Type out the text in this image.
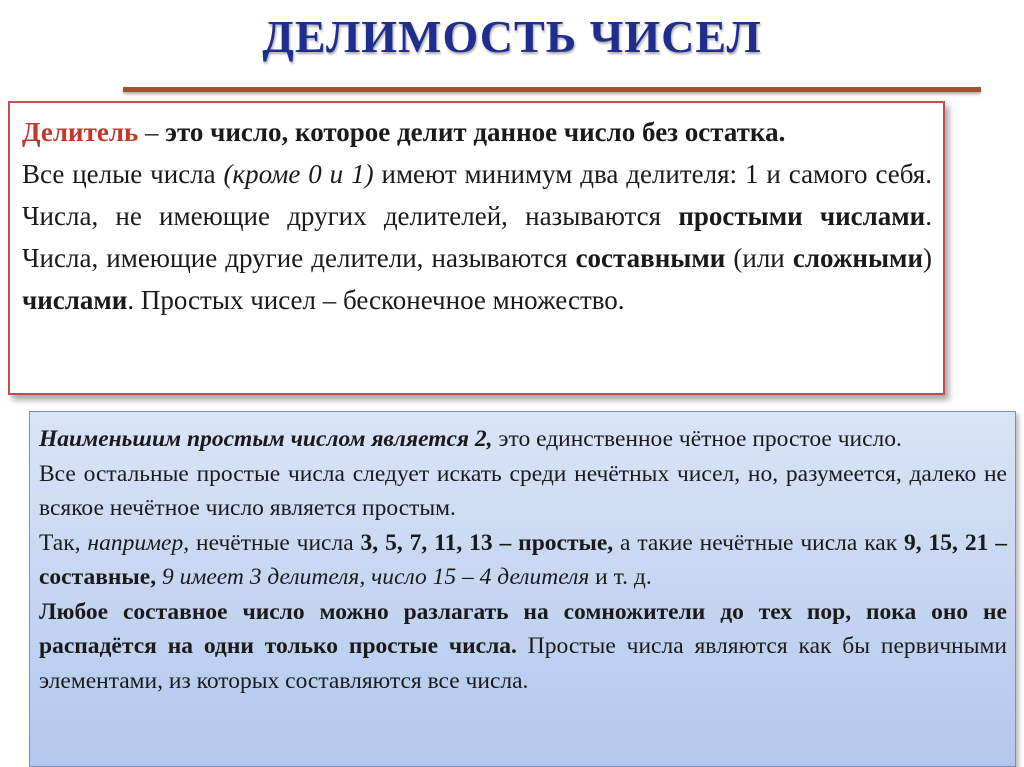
ДЕЛИМОСТЬ ЧИСЕЛ

Делитель – это число, которое делит данное число без остатка.

Все целые числа (кроме 0 и 1) имеют минимум два делителя: 1 и самого себя. Числа, не имеющие других делителей, называются простыми числами. Числа, имеющие другие делители, называются составными (или сложными) числами. Простых чисел – бесконечное множество.

Наименьшим простым числом является 2, это единственное чётное простое число.

Все остальные простые числа следует искать среди нечётных чисел, но, разумеется, далеко не всякое нечётное число является простым.

Так, например, нечётные числа 3, 5, 7, 11, 13 – простые, а такие нечётные числа как 9, 15, 21 – составные, 9 имеет 3 делителя, число 15 – 4 делителя и т. д.

Любое составное число можно разлагать на сомножители до тех пор, пока оно не распадётся на одни только простые числа. Простые числа являются как бы первичными элементами, из которых составляются все числа.
